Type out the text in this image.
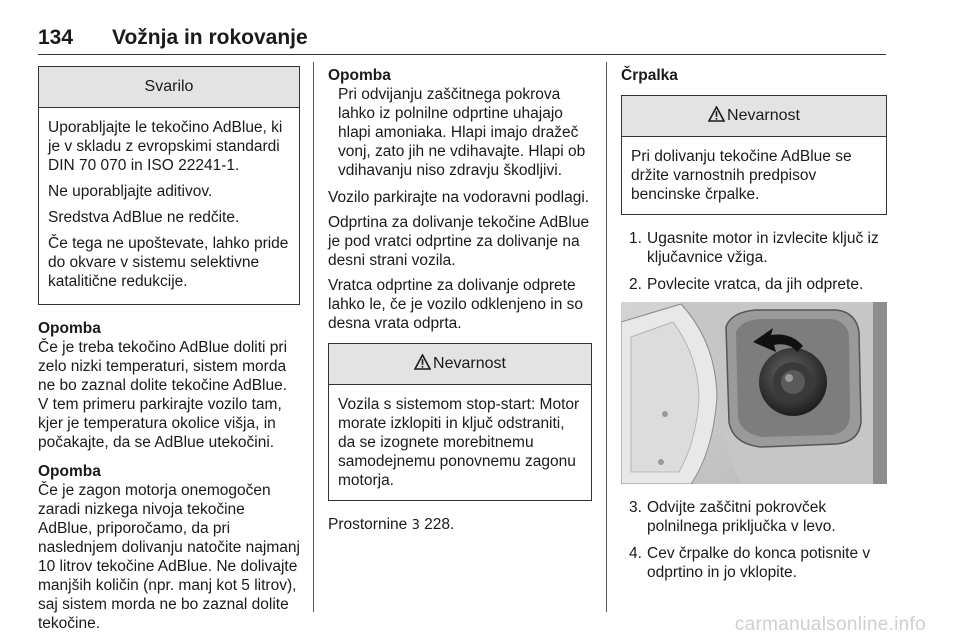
134 Vožnja in rokovanje
Svarilo

Uporabljajte le tekočino AdBlue, ki je v skladu z evropskimi standardi DIN 70 070 in ISO 22241-1.

Ne uporabljajte aditivov.

Sredstva AdBlue ne redčite.

Če tega ne upoštevate, lahko pride do okvare v sistemu selektivne katalitične redukcije.

Opomba
Če je treba tekočino AdBlue doliti pri zelo nizki temperaturi, sistem morda ne bo zaznal dolite tekočine AdBlue. V tem primeru parkirajte vozilo tam, kjer je temperatura okolice višja, in počakajte, da se AdBlue utekočini.
Opomba
Če je zagon motorja onemogočen zaradi nizkega nivoja tekočine AdBlue, priporočamo, da pri naslednjem dolivanju natočite najmanj 10 litrov tekočine AdBlue. Ne dolivajte manjših količin (npr. manj kot 5 litrov), saj sistem morda ne bo zaznal dolite tekočine.
Opomba
Pri odvijanju zaščitnega pokrova lahko iz polnilne odprtine uhajajo hlapi amoniaka. Hlapi imajo dražeč vonj, zato jih ne vdihavajte. Hlapi ob vdihavanju niso zdravju škodljivi.

Vozilo parkirajte na vodoravni podlagi.

Odprtina za dolivanje tekočine AdBlue je pod vratci odprtine za dolivanje na desni strani vozila.

Vratca odprtine za dolivanje odprete lahko le, če je vozilo odklenjeno in so desna vrata odprta.

Nevarnost
Vozila s sistemom stop-start: Motor morate izklopiti in ključ odstraniti, da se izognete morebitnemu samodejnemu ponovnemu zagonu motorja.

Prostornine 3 228.

Črpalka

Nevarnost
Pri dolivanju tekočine AdBlue se držite varnostnih predpisov bencinske črpalke.
1. Ugasnite motor in izvlecite ključ iz ključavnice vžiga.
2. Povlecite vratca, da jih odprete.
3. Odvijte zaščitni pokrovček polnilnega priključka v levo.
4. Cev črpalke do konca potisnite v odprtino in jo vklopite.
carmanualsonline.info
